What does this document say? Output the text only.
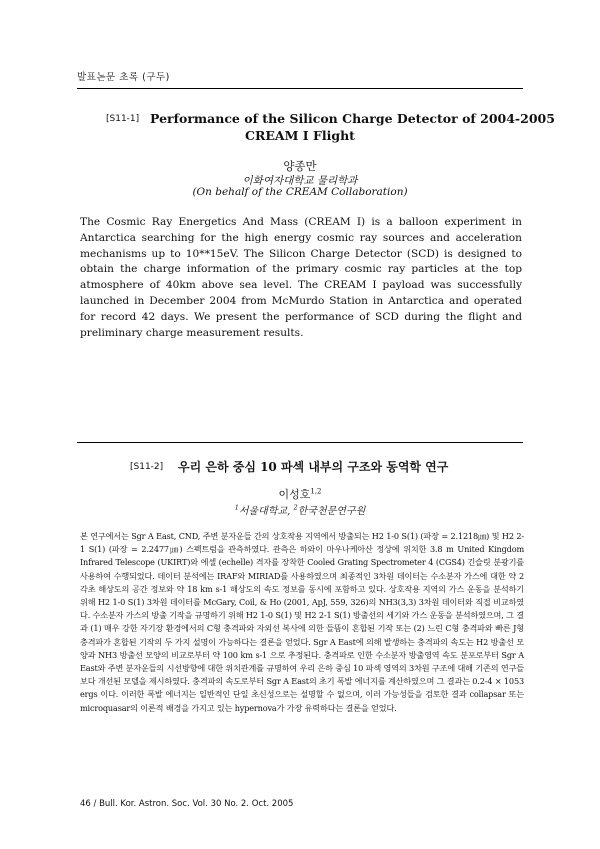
발표논문 초록 (구두)
[S11-1] Performance of the Silicon Charge Detector of 2004-2005
CREAM I Flight
양종만
이화여자대학교 물리학과
(On behalf of the CREAM Collaboration)
The Cosmic Ray Energetics And Mass (CREAM I) is a balloon experiment in Antarctica searching for the high energy cosmic ray sources and acceleration mechanisms up to 10**15eV. The Silicon Charge Detector (SCD) is designed to obtain the charge information of the primary cosmic ray particles at the top atmosphere of 40km above sea level. The CREAM I payload was successfully launched in December 2004 from McMurdo Station in Antarctica and operated for record 42 days. We present the performance of SCD during the flight and preliminary charge measurement results.
[S11-2] 우리 은하 중심 10 파섹 내부의 구조와 동역학 연구
이성호$^{1,2}$
$^1$서울대학교, $^2$한국천문연구원
본 연구에서는 Sgr A East, CND, 주변 분자운들 간의 상호작용 지역에서 방출되는 H2 1-0 S(1) (파장 = 2.1218㎛) 및 H2 2-1 S(1) (파장 = 2.2477㎛) 스펙트럼을 관측하였다. 관측은 하와이 마우나케아산 정상에 위치한 3.8 m United Kingdom Infrared Telescope (UKIRT)와 에셀 (echelle) 격자를 장착한 Cooled Grating Spectrometer 4 (CGS4) 긴슬릿 분광기를 사용하여 수행되었다. 데이터 분석에는 IRAF와 MIRIAD를 사용하였으며 최종적인 3차원 데이터는 수소분자 가스에 대한 약 2 각초 해상도의 공간 정보와 약 18 km s-1 해상도의 속도 정보를 동시에 포함하고 있다. 상호작용 지역의 가스 운동을 분석하기 위해 H2 1-0 S(1) 3차원 데이터를 McGary, Coil, & Ho (2001, ApJ, 559, 326)의 NH3(3,3) 3차원 데이터와 직접 비교하였다. 수소분자 가스의 방출 기작을 규명하기 위해 H2 1-0 S(1) 및 H2 2-1 S(1) 방출선의 세기와 가스 운동을 분석하였으며, 그 결과 (1) 매우 강한 자기장 환경에서의 C형 충격파와 자외선 복사에 의한 들뜸이 혼합된 기작 또는 (2) 느린 C형 충격파와 빠른 J형 충격파가 혼합된 기작의 두 가지 설명이 가능하다는 결론을 얻었다. Sgr A East에 의해 발생하는 충격파의 속도는 H2 방출선 모양과 NH3 방출선 모양의 비교로부터 약 100 km s-1 으로 추정된다. 충격파로 인한 수소분자 방출영역 속도 분포로부터 Sgr A East와 주변 분자운들의 시선방향에 대한 위치관계를 규명하여 우리 은하 중심 10 파섹 영역의 3차원 구조에 대해 기존의 연구들보다 개선된 모델을 제시하였다. 충격파의 속도로부터 Sgr A East의 초기 폭발 에너지를 계산하였으며 그 결과는 0.2-4 × 1053 ergs 이다. 이러한 폭발 에너지는 일반적인 단일 초신성으로는 설명할 수 없으며, 이러 가능성들을 검토한 결과 collapsar 또는 microquasar의 이론적 배경을 가지고 있는 hypernova가 가장 유력하다는 결론을 얻었다.
46 / Bull. Kor. Astron. Soc. Vol. 30 No. 2. Oct. 2005
